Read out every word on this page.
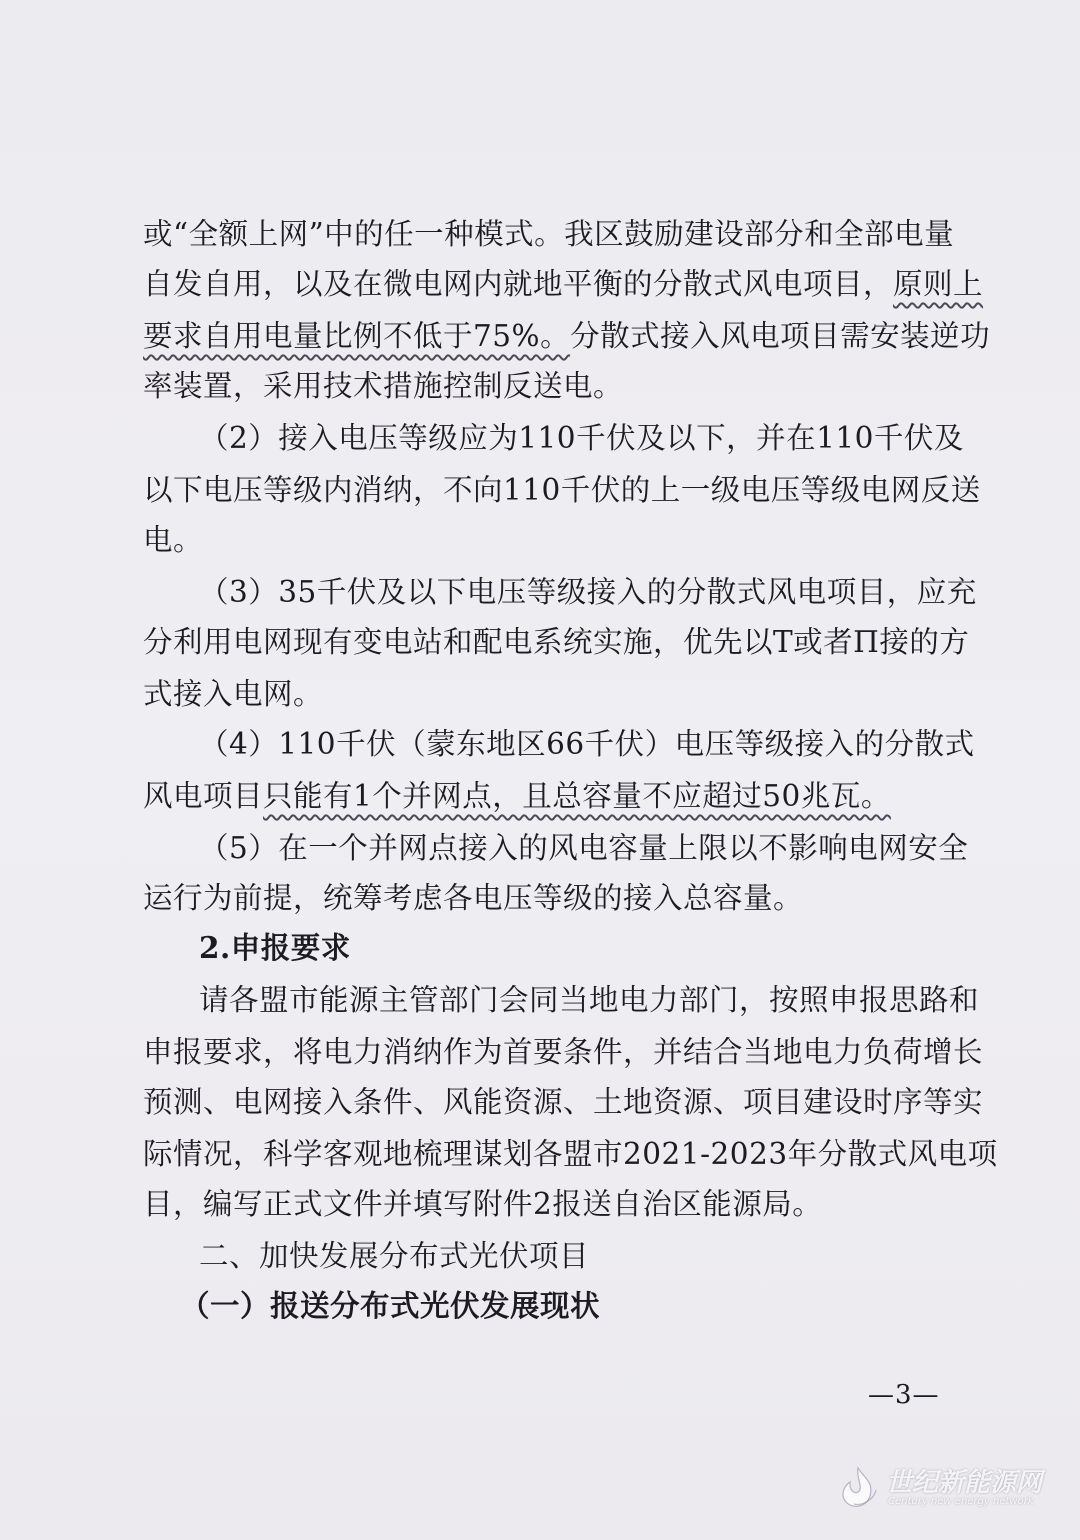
或“全额上网”中的任一种模式。我区鼓励建设部分和全部电量
自发自用，以及在微电网内就地平衡的分散式风电项目，原则上
要求自用电量比例不低于75%。分散式接入风电项目需安装逆功
率装置，采用技术措施控制反送电。
（2）接入电压等级应为110千伏及以下，并在110千伏及
以下电压等级内消纳，不向110千伏的上一级电压等级电网反送
电。
（3）35千伏及以下电压等级接入的分散式风电项目，应充
分利用电网现有变电站和配电系统实施，优先以T或者Π接的方
式接入电网。
（4）110千伏（蒙东地区66千伏）电压等级接入的分散式
风电项目只能有1个并网点，且总容量不应超过50兆瓦。
（5）在一个并网点接入的风电容量上限以不影响电网安全
运行为前提，统筹考虑各电压等级的接入总容量。
2.申报要求
请各盟市能源主管部门会同当地电力部门，按照申报思路和
申报要求，将电力消纳作为首要条件，并结合当地电力负荷增长
预测、电网接入条件、风能资源、土地资源、项目建设时序等实
际情况，科学客观地梳理谋划各盟市2021-2023年分散式风电项
目，编写正式文件并填写附件2报送自治区能源局。
二、加快发展分布式光伏项目
（一）报送分布式光伏发展现状
—3—
世纪新能源网
Century new energy network
